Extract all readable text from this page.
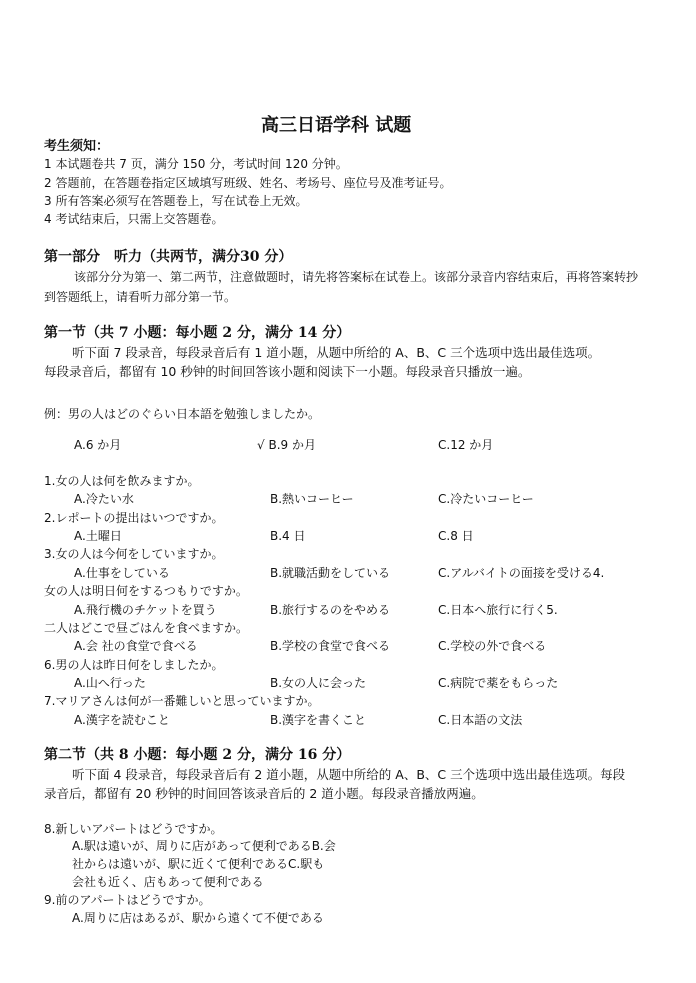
高三日语学科 试题
考生须知：
1 本试题卷共 7 页，满分 150 分，考试时间 120 分钟。
2 答题前，在答题卷指定区域填写班级、姓名、考场号、座位号及准考证号。
3 所有答案必须写在答题卷上，写在试卷上无效。
4 考试结束后，只需上交答题卷。
第一部分　听力（共两节，满分30 分）
该部分分为第一、第二两节，注意做题时，请先将答案标在试卷上。该部分录音内容结束后，再将答案转抄
到答题纸上，请看听力部分第一节。
第一节（共 7 小题：每小题 2 分，满分 14 分）
听下面 7 段录音，每段录音后有 1 道小题，从题中所给的 A、B、C 三个选项中选出最佳选项。
每段录音后，都留有 10 秒钟的时间回答该小题和阅读下一小题。每段录音只播放一遍。
例：男の人はどのぐらい日本語を勉強しましたか。
A.6 か月	√ B.9 か月	C.12 か月
1.女の人は何を飲みますか。
A.冷たい水	B.熱いコーヒー	C.冷たいコーヒー
2.レポートの提出はいつですか。
A.土曜日	B.4 日	C.8 日
3.女の人は今何をしていますか。
A.仕事をしている	B.就職活動をしている	C.アルバイトの面接を受ける4.
女の人は明日何をするつもりですか。
A.飛行機のチケットを買う	B.旅行するのをやめる	C.日本へ旅行に行く5.
二人はどこで昼ごはんを食べますか。
A.会 社の食堂で食べる	B.学校の食堂で食べる	C.学校の外で食べる
6.男の人は昨日何をしましたか。
A.山へ行った	B.女の人に会った	C.病院で薬をもらった
7.マリアさんは何が一番難しいと思っていますか。
A.漢字を読むこと	B.漢字を書くこと	C.日本語の文法
第二节（共 8 小题：每小题 2 分，满分 16 分）
听下面 4 段录音，每段录音后有 2 道小题，从题中所给的 A、B、C 三个选项中选出最佳选项。每段
录音后，都留有 20 秒钟的时间回答该录音后的 2 道小题。每段录音播放两遍。
8.新しいアパートはどうですか。
A.駅は遠いが、周りに店があって便利であるB.会
社からは遠いが、駅に近くて便利であるC.駅も
会社も近く、店もあって便利である
9.前のアパートはどうですか。
A.周りに店はあるが、駅から遠くて不便である
